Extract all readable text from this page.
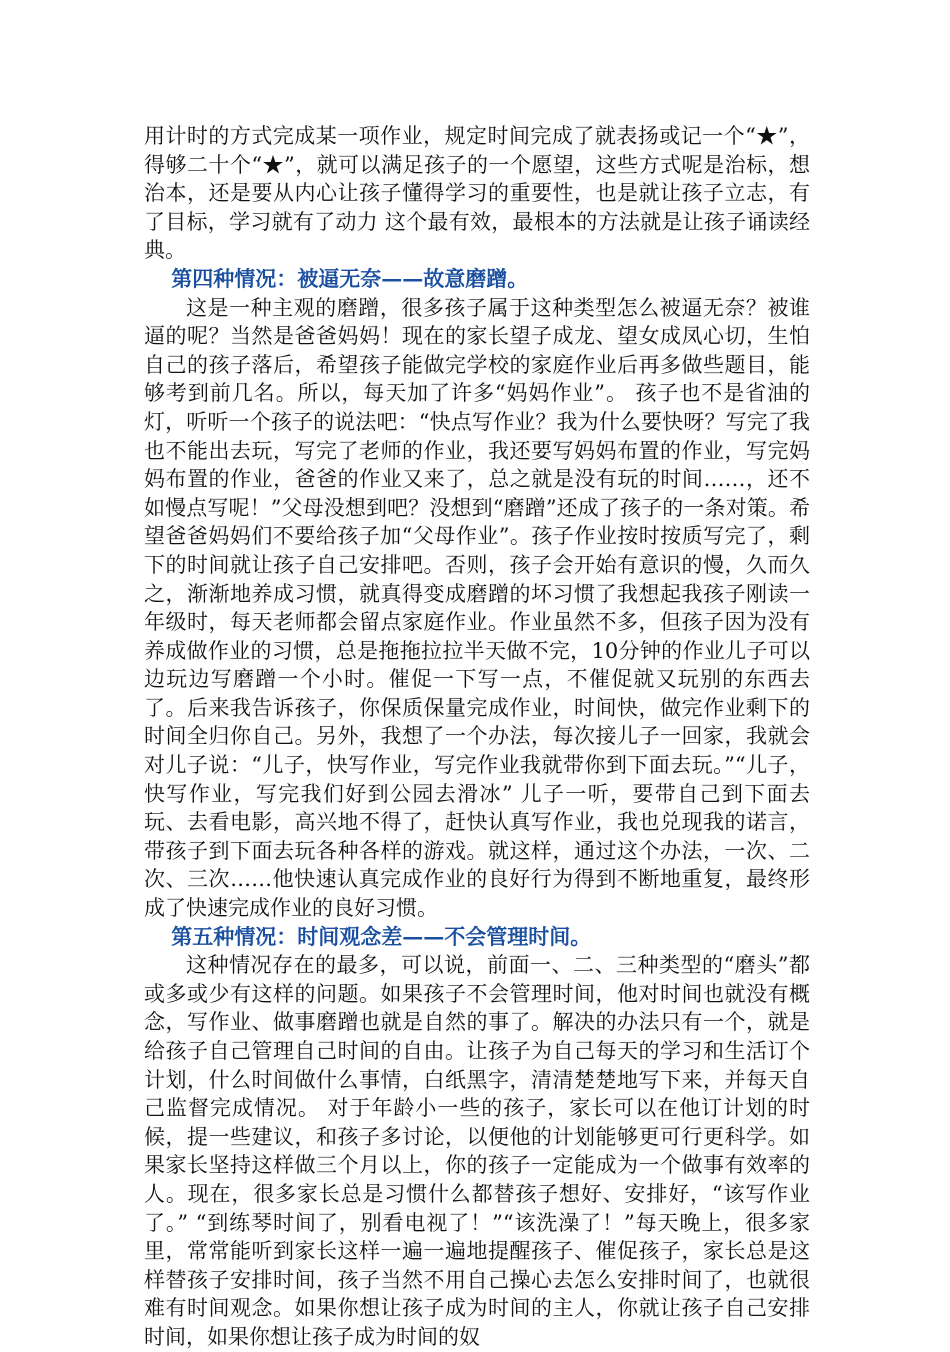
用计时的方式完成某一项作业，规定时间完成了就表扬或记一个“★”，得够二十个“★”，就可以满足孩子的一个愿望，这些方式呢是治标，想治本，还是要从内心让孩子懂得学习的重要性，也是就让孩子立志，有了目标，学习就有了动力 这个最有效，最根本的方法就是让孩子诵读经典。

第四种情况：被逼无奈——故意磨蹭。

这是一种主观的磨蹭，很多孩子属于这种类型怎么被逼无奈？被谁逼的呢？当然是爸爸妈妈！现在的家长望子成龙、望女成凤心切，生怕自己的孩子落后，希望孩子能做完学校的家庭作业后再多做些题目，能够考到前几名。所以，每天加了许多“妈妈作业”。 孩子也不是省油的灯，听听一个孩子的说法吧：“快点写作业？我为什么要快呀？写完了我也不能出去玩，写完了老师的作业，我还要写妈妈布置的作业，写完妈妈布置的作业，爸爸的作业又来了，总之就是没有玩的时间……，还不如慢点写呢！”父母没想到吧？没想到“磨蹭”还成了孩子的一条对策。希望爸爸妈妈们不要给孩子加“父母作业”。孩子作业按时按质写完了，剩下的时间就让孩子自己安排吧。否则，孩子会开始有意识的慢，久而久之，渐渐地养成习惯，就真得变成磨蹭的坏习惯了我想起我孩子刚读一年级时，每天老师都会留点家庭作业。作业虽然不多，但孩子因为没有养成做作业的习惯，总是拖拖拉拉半天做不完，10分钟的作业儿子可以边玩边写磨蹭一个小时。催促一下写一点，不催促就又玩别的东西去了。后来我告诉孩子，你保质保量完成作业，时间快，做完作业剩下的时间全归你自己。另外，我想了一个办法，每次接儿子一回家，我就会对儿子说：“儿子，快写作业，写完作业我就带你到下面去玩。”“儿子，快写作业，写完我们好到公园去滑冰” 儿子一听，要带自己到下面去玩、去看电影，高兴地不得了，赶快认真写作业，我也兑现我的诺言，带孩子到下面去玩各种各样的游戏。就这样，通过这个办法，一次、二次、三次……他快速认真完成作业的良好行为得到不断地重复，最终形成了快速完成作业的良好习惯。

第五种情况：时间观念差——不会管理时间。

这种情况存在的最多，可以说，前面一、二、三种类型的“磨头”都或多或少有这样的问题。如果孩子不会管理时间，他对时间也就没有概念，写作业、做事磨蹭也就是自然的事了。解决的办法只有一个，就是给孩子自己管理自己时间的自由。让孩子为自己每天的学习和生活订个计划，什么时间做什么事情，白纸黑字，清清楚楚地写下来，并每天自己监督完成情况。 对于年龄小一些的孩子，家长可以在他订计划的时候，提一些建议，和孩子多讨论，以便他的计划能够更可行更科学。如果家长坚持这样做三个月以上，你的孩子一定能成为一个做事有效率的人。现在，很多家长总是习惯什么都替孩子想好、安排好，“该写作业了。” “到练琴时间了，别看电视了！”“该洗澡了！”每天晚上，很多家里，常常能听到家长这样一遍一遍地提醒孩子、催促孩子，家长总是这样替孩子安排时间，孩子当然不用自己操心去怎么安排时间了，也就很难有时间观念。如果你想让孩子成为时间的主人，你就让孩子自己安排时间，如果你想让孩子成为时间的奴
